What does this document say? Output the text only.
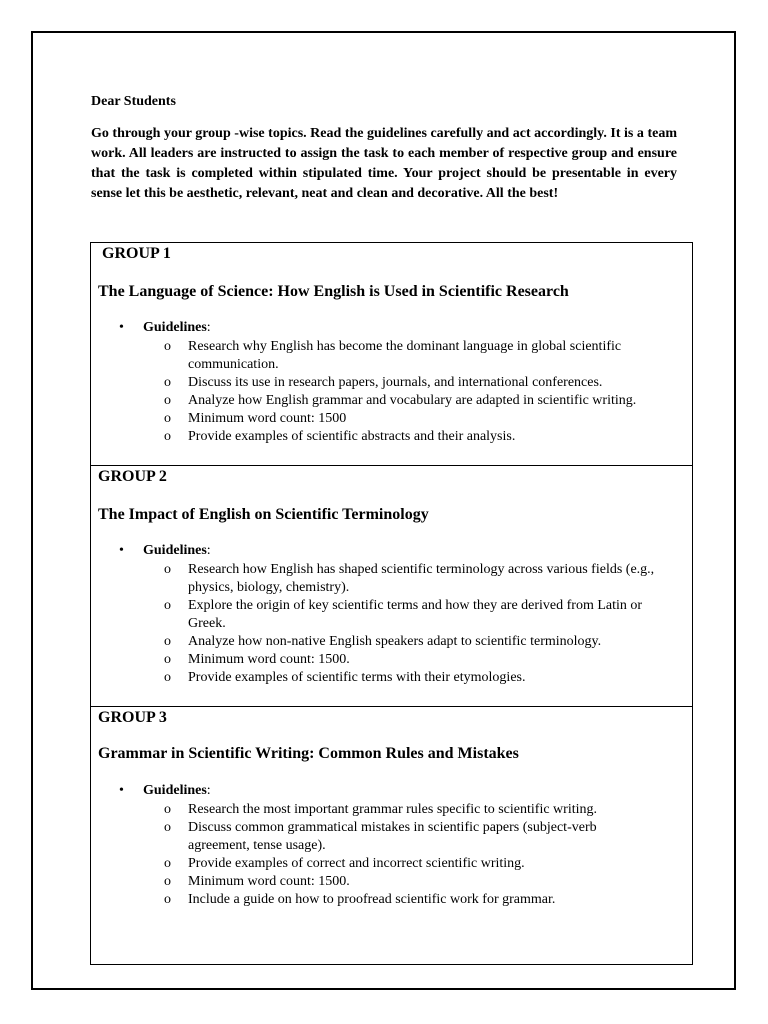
Dear Students

Go through your group -wise topics. Read the guidelines carefully and act accordingly. It is a team work. All leaders are instructed to assign the task to each member of respective group and ensure that the task is completed within stipulated time. Your project should be presentable in every sense let this be aesthetic, relevant, neat and clean and decorative. All the best!

GROUP 1
The Language of Science: How English is Used in Scientific Research
• Guidelines:
o Research why English has become the dominant language in global scientific communication.
o Discuss its use in research papers, journals, and international conferences.
o Analyze how English grammar and vocabulary are adapted in scientific writing.
o Minimum word count: 1500
o Provide examples of scientific abstracts and their analysis.
GROUP 2
The Impact of English on Scientific Terminology
• Guidelines:
o Research how English has shaped scientific terminology across various fields (e.g., physics, biology, chemistry).
o Explore the origin of key scientific terms and how they are derived from Latin or Greek.
o Analyze how non-native English speakers adapt to scientific terminology.
o Minimum word count: 1500.
o Provide examples of scientific terms with their etymologies.
GROUP 3
Grammar in Scientific Writing: Common Rules and Mistakes
• Guidelines:
o Research the most important grammar rules specific to scientific writing.
o Discuss common grammatical mistakes in scientific papers (subject-verb agreement, tense usage).
o Provide examples of correct and incorrect scientific writing.
o Minimum word count: 1500.
o Include a guide on how to proofread scientific work for grammar.
